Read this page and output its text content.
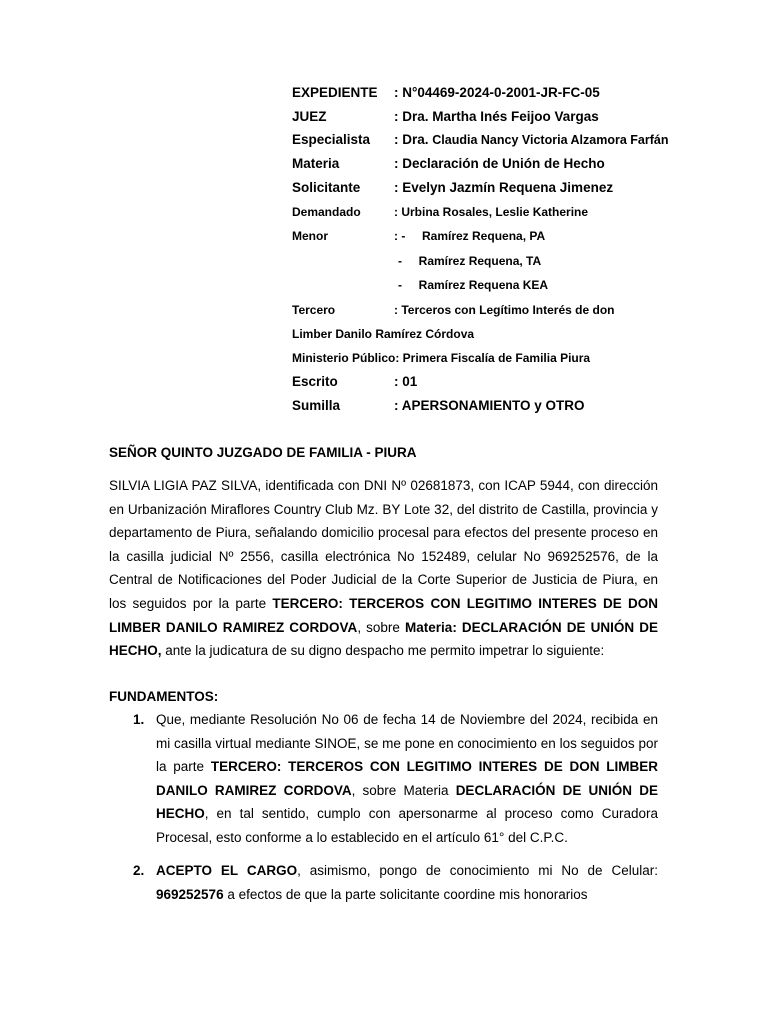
EXPEDIENTE : N°04469-2024-0-2001-JR-FC-05
JUEZ	: Dra. Martha Inés Feijoo Vargas
Especialista : Dra. Claudia Nancy Victoria Alzamora Farfán
Materia	: Declaración de Unión de Hecho
Solicitante : Evelyn Jazmín Requena Jimenez
Demandado	: Urbina Rosales, Leslie Katherine
Menor	: -     Ramírez Requena, PA
-     Ramírez Requena, TA
-     Ramírez Requena KEA
Tercero	: Terceros con Legítimo Interés de don
Limber Danilo Ramírez Córdova
Ministerio Público: Primera Fiscalía de Familia Piura
Escrito	: 01
Sumilla	: APERSONAMIENTO y OTRO
SEÑOR QUINTO JUZGADO DE FAMILIA - PIURA
SILVIA LIGIA PAZ SILVA, identificada con DNI Nº 02681873, con ICAP 5944, con dirección en Urbanización Miraflores Country Club Mz. BY Lote 32, del distrito de Castilla, provincia y departamento de Piura, señalando domicilio procesal para efectos del presente proceso en la casilla judicial Nº 2556, casilla electrónica No 152489, celular No 969252576, de la Central de Notificaciones del Poder Judicial de la Corte Superior de Justicia de Piura, en los seguidos por la parte TERCERO: TERCEROS CON LEGITIMO INTERES DE DON LIMBER DANILO RAMIREZ CORDOVA, sobre Materia: DECLARACIÓN DE UNIÓN DE HECHO, ante la judicatura de su digno despacho me permito impetrar lo siguiente:
FUNDAMENTOS:
1. Que, mediante Resolución No 06 de fecha 14 de Noviembre del 2024, recibida en mi casilla virtual mediante SINOE, se me pone en conocimiento en los seguidos por la parte TERCERO: TERCEROS CON LEGITIMO INTERES DE DON LIMBER DANILO RAMIREZ CORDOVA, sobre Materia DECLARACIÓN DE UNIÓN DE HECHO, en tal sentido, cumplo con apersonarme al proceso como Curadora Procesal, esto conforme a lo establecido en el artículo 61° del C.P.C.
2. ACEPTO EL CARGO, asimismo, pongo de conocimiento mi No de Celular: 969252576 a efectos de que la parte solicitante coordine mis honorarios
